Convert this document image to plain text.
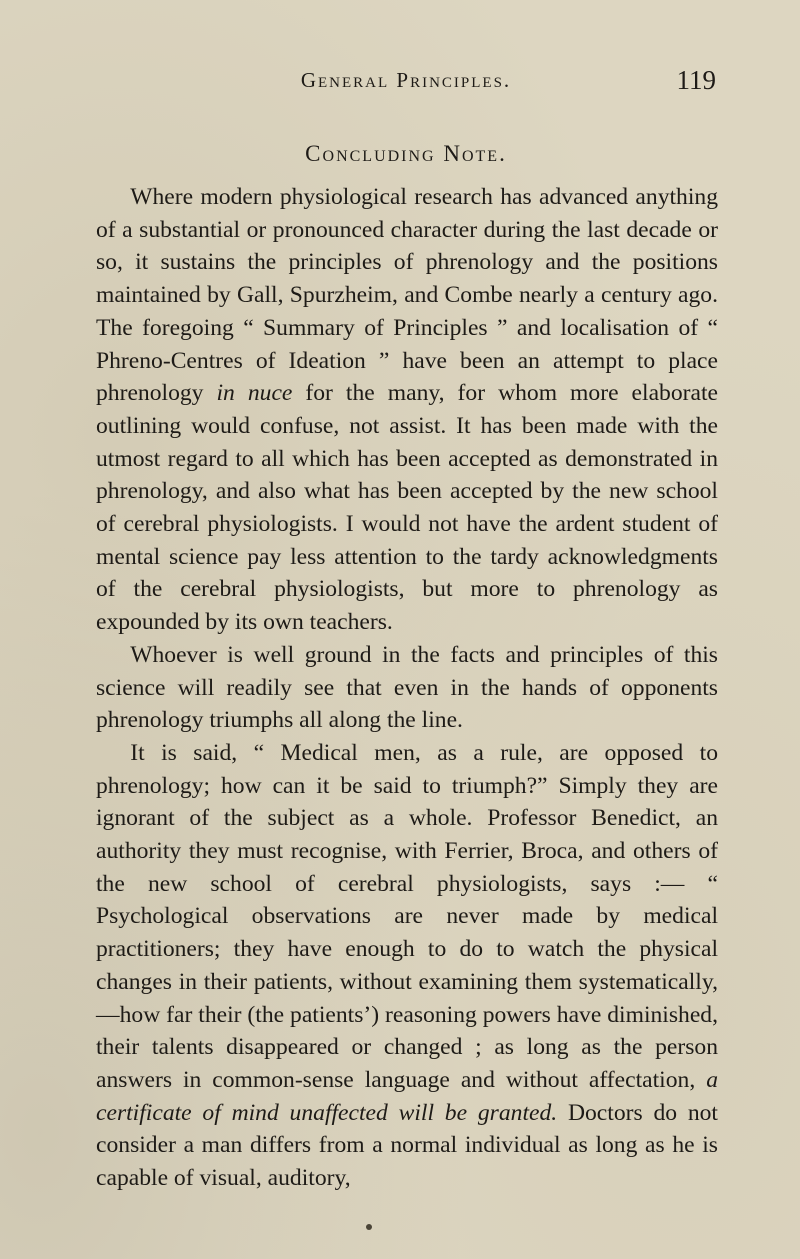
General Principles.	119
Concluding Note.

Where modern physiological research has advanced anything of a substantial or pronounced character during the last decade or so, it sustains the principles of phrenology and the positions maintained by Gall, Spurzheim, and Combe nearly a century ago. The foregoing “ Summary of Principles ” and localisation of “ Phreno-Centres of Ideation ” have been an attempt to place phrenology in nuce for the many, for whom more elaborate outlining would confuse, not assist. It has been made with the utmost regard to all which has been accepted as demonstrated in phrenology, and also what has been accepted by the new school of cerebral physiologists. I would not have the ardent student of mental science pay less attention to the tardy acknowledgments of the cerebral physiologists, but more to phrenology as expounded by its own teachers.

Whoever is well ground in the facts and principles of this science will readily see that even in the hands of opponents phrenology triumphs all along the line.

It is said, “ Medical men, as a rule, are opposed to phrenology; how can it be said to triumph?” Simply they are ignorant of the subject as a whole. Professor Benedict, an authority they must recognise, with Ferrier, Broca, and others of the new school of cerebral physiologists, says :— “ Psychological observations are never made by medical practitioners; they have enough to do to watch the physical changes in their patients, without examining them systematically,—how far their (the patients’) reasoning powers have diminished, their talents disappeared or changed ; as long as the person answers in common-sense language and without affectation, a certificate of mind unaffected will be granted. Doctors do not consider a man differs from a normal individual as long as he is capable of visual, auditory,
